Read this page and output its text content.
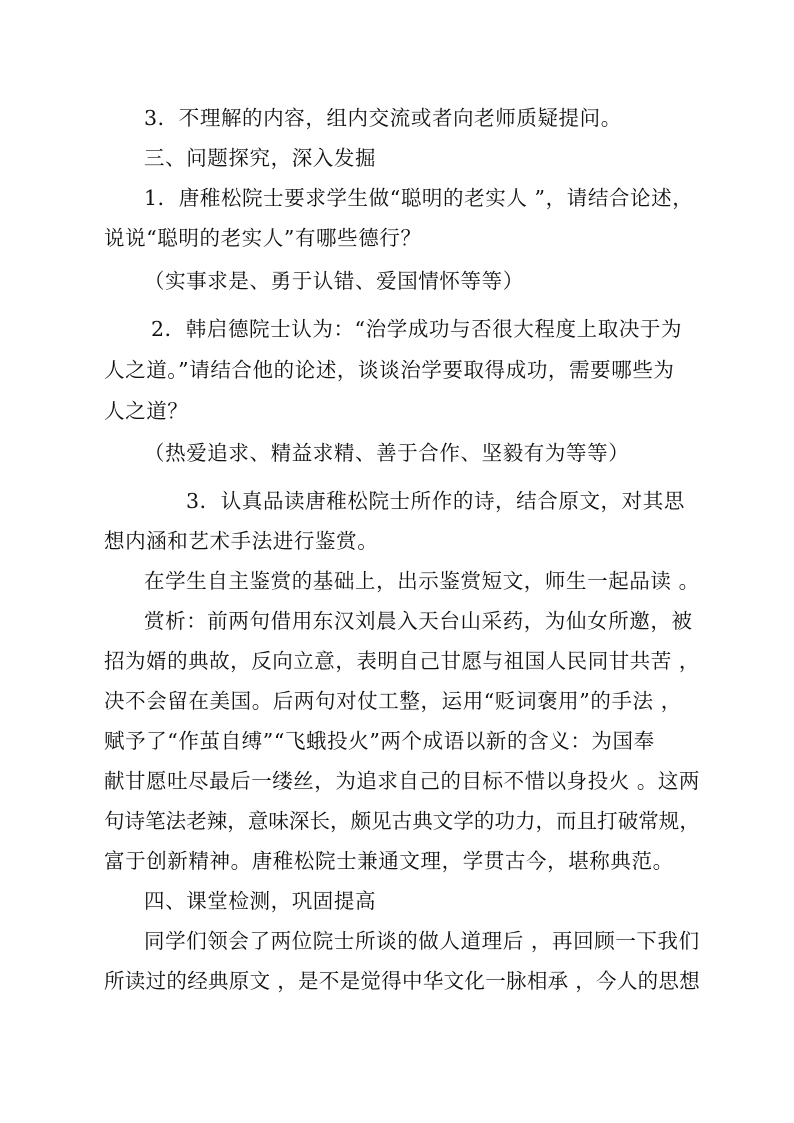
3．不理解的内容，组内交流或者向老师质疑提问。
三、问题探究，深入发掘
1．唐稚松院士要求学生做“聪明的老实人 ”，请结合论述，
说说“聪明的老实人”有哪些德行？
（实事求是、勇于认错、爱国情怀等等）
2．韩启德院士认为：“治学成功与否很大程度上取决于为
人之道。”请结合他的论述，谈谈治学要取得成功，需要哪些为
人之道？
（热爱追求、精益求精、善于合作、坚毅有为等等）
3．认真品读唐稚松院士所作的诗，结合原文，对其思
想内涵和艺术手法进行鉴赏。
在学生自主鉴赏的基础上，出示鉴赏短文，师生一起品读 。
赏析：前两句借用东汉刘晨入天台山采药，为仙女所邀，被
招为婿的典故，反向立意，表明自己甘愿与祖国人民同甘共苦 ，
决不会留在美国。后两句对仗工整，运用“贬词褒用”的手法 ，
赋予了“作茧自缚”“飞蛾投火”两个成语以新的含义：为国奉
献甘愿吐尽最后一缕丝，为追求自己的目标不惜以身投火 。这两
句诗笔法老辣，意味深长，颇见古典文学的功力，而且打破常规，
富于创新精神。唐稚松院士兼通文理，学贯古今，堪称典范。
四、课堂检测，巩固提高
同学们领会了两位院士所谈的做人道理后 ，再回顾一下我们
所读过的经典原文 ，是不是觉得中华文化一脉相承 ，今人的思想
